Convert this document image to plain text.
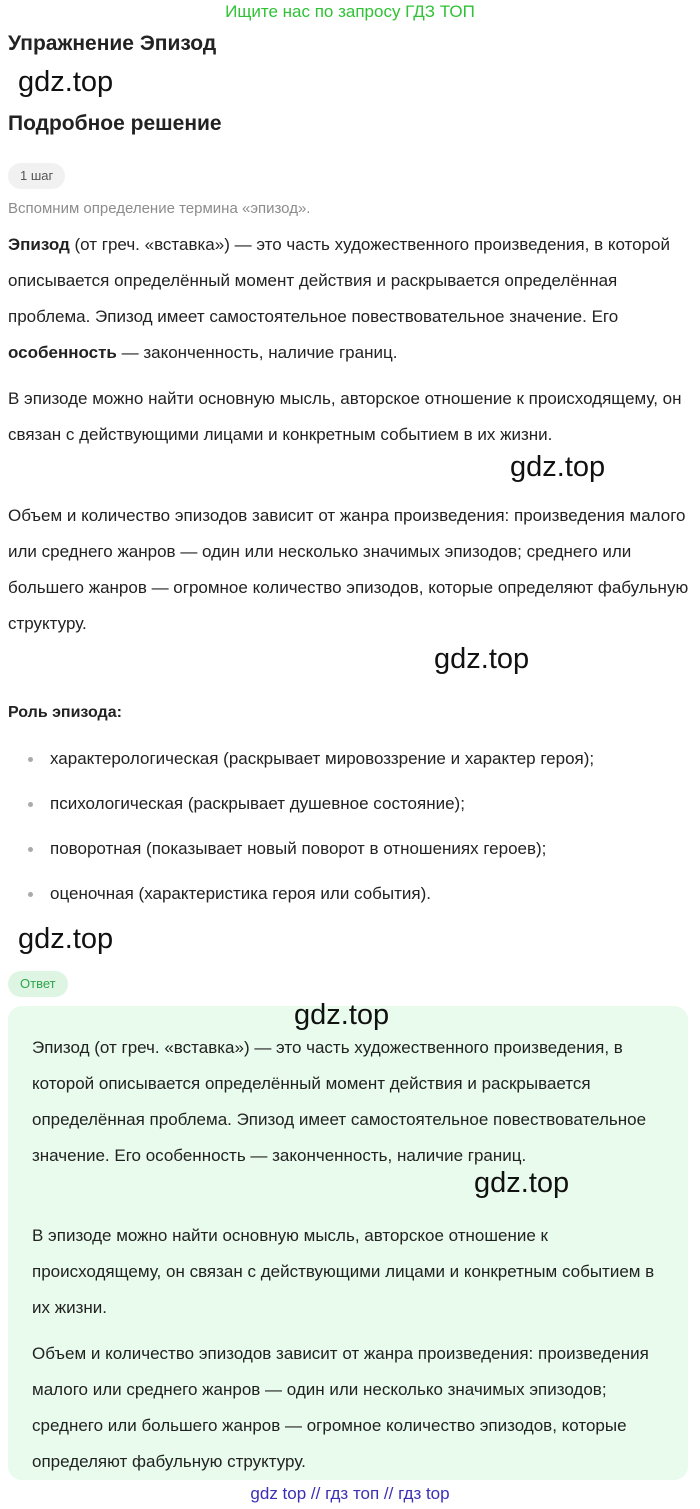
Ищите нас по запросу ГДЗ ТОП
Упражнение Эпизод
gdz.top
Подробное решение
1 шаг
Вспомним определение термина «эпизод».

Эпизод (от греч. «вставка») — это часть художественного произведения, в которой описывается определённый момент действия и раскрывается определённая проблема. Эпизод имеет самостоятельное повествовательное значение. Его особенность — законченность, наличие границ.

В эпизоде можно найти основную мысль, авторское отношение к происходящему, он связан с действующими лицами и конкретным событием в их жизни.

gdz.top

Объем и количество эпизодов зависит от жанра произведения: произведения малого или среднего жанров — один или несколько значимых эпизодов; среднего или большего жанров — огромное количество эпизодов, которые определяют фабульную структуру.

gdz.top
Роль эпизода:
характерологическая (раскрывает мировоззрение и характер героя);
психологическая (раскрывает душевное состояние);
поворотная (показывает новый поворот в отношениях героев);
оценочная (характеристика героя или события).
gdz.top
Ответ
gdz.top

Эпизод (от греч. «вставка») — это часть художественного произведения, в которой описывается определённый момент действия и раскрывается определённая проблема. Эпизод имеет самостоятельное повествовательное значение. Его особенность — законченность, наличие границ.

gdz.top

В эпизоде можно найти основную мысль, авторское отношение к происходящему, он связан с действующими лицами и конкретным событием в их жизни.

Объем и количество эпизодов зависит от жанра произведения: произведения малого или среднего жанров — один или несколько значимых эпизодов; среднего или большего жанров — огромное количество эпизодов, которые определяют фабульную структуру.

gdz top // гдз топ // гдз top
